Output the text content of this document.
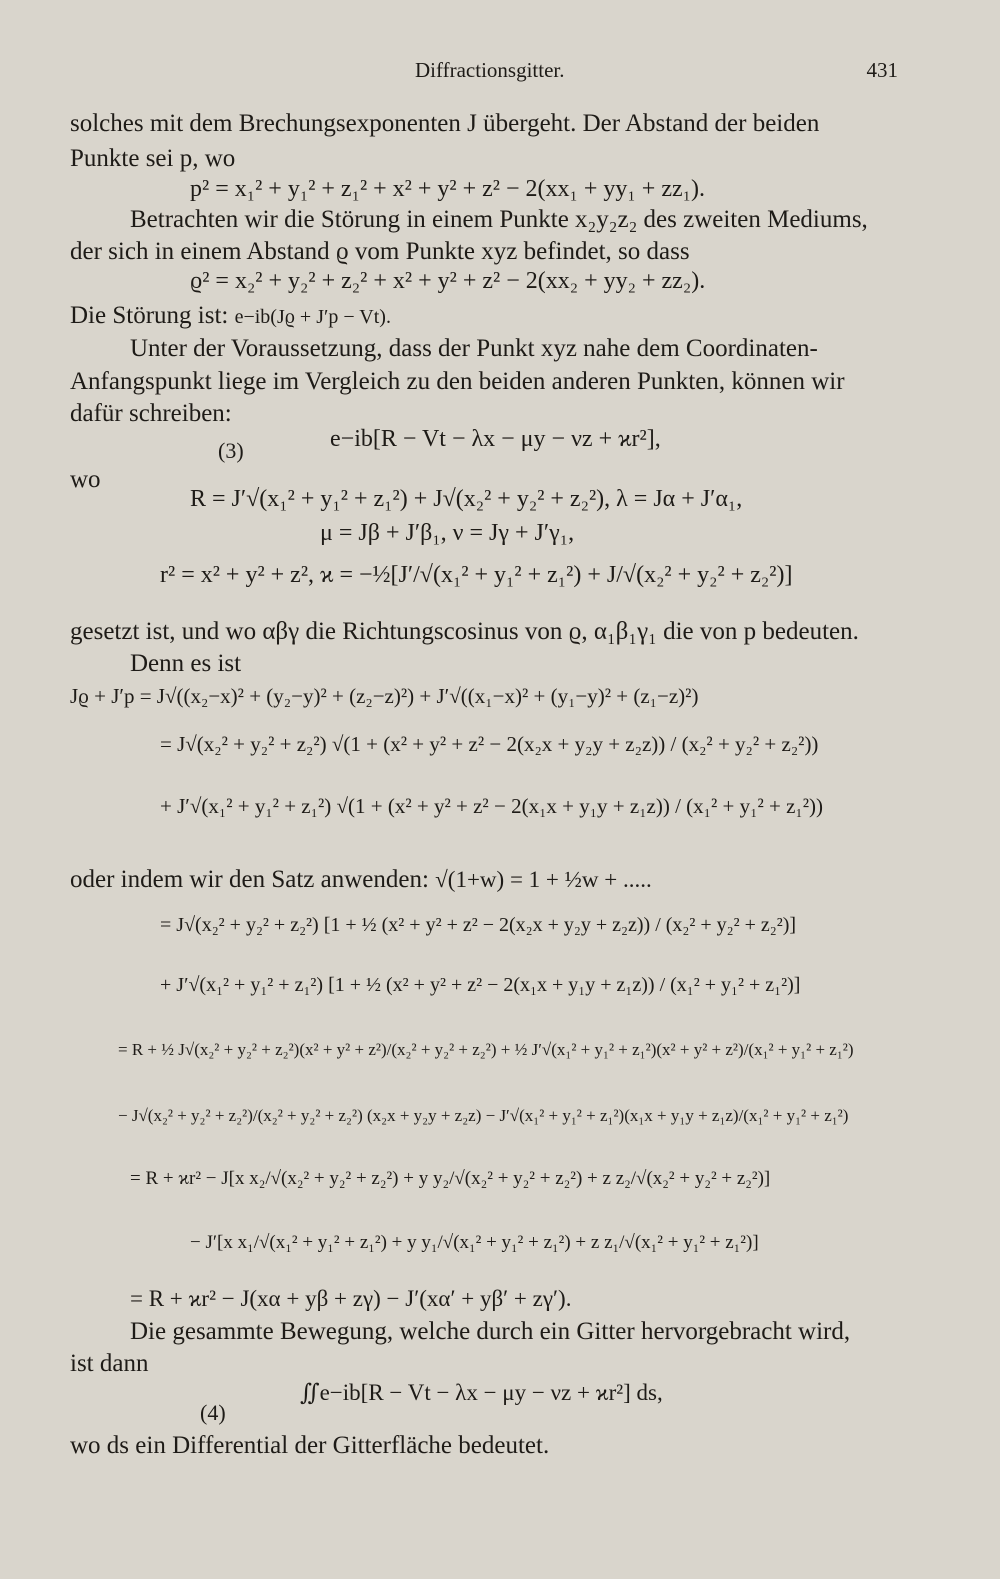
Diffractionsgitter.	431
solches mit dem Brechungsexponenten J übergeht. Der Abstand der beiden
Punkte sei p, wo
p² = x₁² + y₁² + z₁² + x² + y² + z² − 2(xx₁ + yy₁ + zz₁).
Betrachten wir die Störung in einem Punkte x₂y₂z₂ des zweiten Mediums,
der sich in einem Abstand ϱ vom Punkte xyz befindet, so dass
ϱ² = x₂² + y₂² + z₂² + x² + y² + z² − 2(xx₂ + yy₂ + zz₂).
Die Störung ist: e−ib(Jϱ + J′p − Vt).
Unter der Voraussetzung, dass der Punkt xyz nahe dem Coordinaten-
Anfangspunkt liege im Vergleich zu den beiden anderen Punkten, können wir
dafür schreiben:
(3)	e−ib[R − Vt − λx − μy − νz + ϰr²],
wo
R = J′√(x₁² + y₁² + z₁²) + J√(x₂² + y₂² + z₂²), λ = Jα + J′α₁,
μ = Jβ + J′β₁, ν = Jγ + J′γ₁,
r² = x² + y² + z², ϰ = −½[J′/√(x₁² + y₁² + z₁²) + J/√(x₂² + y₂² + z₂²)]
gesetzt ist, und wo αβγ die Richtungscosinus von ϱ, α₁β₁γ₁ die von p bedeuten.
Denn es ist
Jϱ + J′p = J√((x₂−x)² + (y₂−y)² + (z₂−z)²) + J′√((x₁−x)² + (y₁−y)² + (z₁−z)²)
= J√(x₂² + y₂² + z₂²) √(1 + (x² + y² + z² − 2(x₂x + y₂y + z₂z)) / (x₂² + y₂² + z₂²))
+ J′√(x₁² + y₁² + z₁²) √(1 + (x² + y² + z² − 2(x₁x + y₁y + z₁z)) / (x₁² + y₁² + z₁²))
oder indem wir den Satz anwenden: √(1+w) = 1 + ½w + .....
= J√(x₂² + y₂² + z₂²) [1 + ½ (x² + y² + z² − 2(x₂x + y₂y + z₂z)) / (x₂² + y₂² + z₂²)]
+ J′√(x₁² + y₁² + z₁²) [1 + ½ (x² + y² + z² − 2(x₁x + y₁y + z₁z)) / (x₁² + y₁² + z₁²)]
= R + ½ J√(x₂² + y₂² + z₂²)(x² + y² + z²)/(x₂² + y₂² + z₂²) + ½ J′√(x₁² + y₁² + z₁²)(x² + y² + z²)/(x₁² + y₁² + z₁²)
− J√(x₂² + y₂² + z₂²)/(x₂² + y₂² + z₂²) (x₂x + y₂y + z₂z) − J′√(x₁² + y₁² + z₁²)(x₁x + y₁y + z₁z)/(x₁² + y₁² + z₁²)
= R + ϰr² − J[x x₂/√(x₂² + y₂² + z₂²) + y y₂/√(x₂² + y₂² + z₂²) + z z₂/√(x₂² + y₂² + z₂²)]
− J′[x x₁/√(x₁² + y₁² + z₁²) + y y₁/√(x₁² + y₁² + z₁²) + z z₁/√(x₁² + y₁² + z₁²)]
= R + ϰr² − J(xα + yβ + zγ) − J′(xα′ + yβ′ + zγ′).
Die gesammte Bewegung, welche durch ein Gitter hervorgebracht wird,
ist dann
(4)
∬e−ib[R − Vt − λx − μy − νz + ϰr²] ds,
wo ds ein Differential der Gitterfläche bedeutet.
